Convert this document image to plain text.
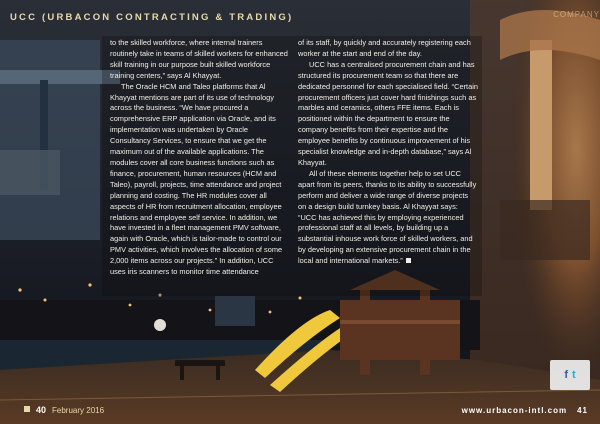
UCC (URBACON CONTRACTING & TRADING)	COMPANY

to the skilled workforce, where internal trainers routinely take in teams of skilled workers for enhanced skill training in our purpose built skilled workforce training centers,” says Al Khayyat.

The Oracle HCM and Taleo platforms that Al Khayyat mentions are part of its use of technology across the business. “We have procured a comprehensive ERP application via Oracle, and its implementation was undertaken by Oracle Consultancy Services, to ensure that we get the maximum out of the available applications. The modules cover all core business functions such as finance, procurement, human resources (HCM and Taleo), payroll, projects, time attendance and project planning and costing. The HR modules cover all aspects of HR from recruitment allocation, employee relations and employee self service. In addition, we have invested in a fleet management PMV software, again with Oracle, which is tailor-made to control our PMV activities, which involves the allocation of some 2,000 items across our projects.” In addition, UCC uses iris scanners to monitor time attendance

of its staff, by quickly and accurately registering each worker at the start and end of the day.

UCC has a centralised procurement chain and has structured its procurement team so that there are dedicated personnel for each specialised field. “Certain procurement officers just cover hard finishings such as marbles and ceramics, others FFE items. Each is positioned within the department to ensure the company benefits from their expertise and the employee benefits by continuous improvement of his specialist knowledge and in-depth database,” says Al Khayyat.

All of these elements together help to set UCC apart from its peers, thanks to its ability to successfully perform and deliver a wide range of diverse projects on a design build turnkey basis. Al Khayyat says: “UCC has achieved this by employing experienced professional staff at all levels, by building up a substantial inhouse work force of skilled workers, and by developing an extensive procurement chain in the local and international markets.”

40 February 2016	www.urbacon-intl.com 41
f t
